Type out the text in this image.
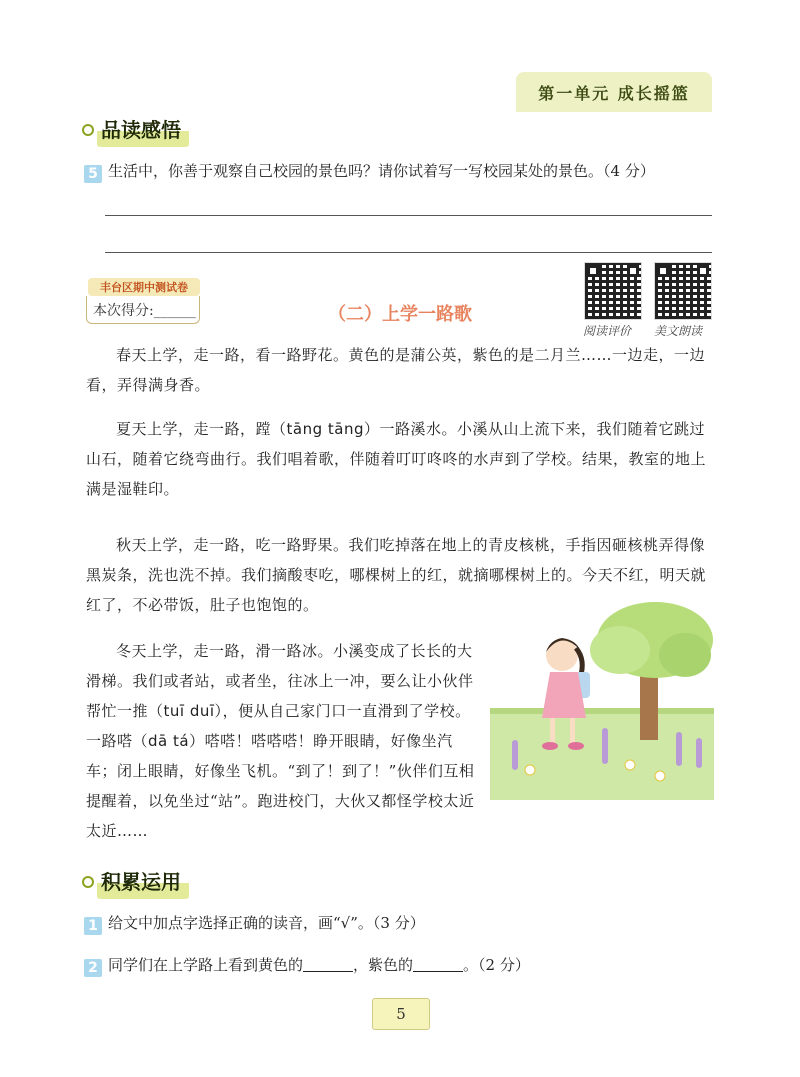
第一单元 成长摇篮
品读感悟
5 生活中，你善于观察自己校园的景色吗？请你试着写一写校园某处的景色。（4 分）
丰台区期中测试卷
本次得分:______	（二）上学一路歌
阅读评价 美文朗读

春天上学，走一路，看一路野花。黄色的是蒲公英，紫色的是二月兰……一边走，一边看，弄得满身香。

夏天上学，走一路，蹚（tāng tāng）一路溪水。小溪从山上流下来，我们随着它跳过山石，随着它绕弯曲行。我们唱着歌，伴随着叮叮咚咚的水声到了学校。结果，教室的地上满是湿鞋印。

秋天上学，走一路，吃一路野果。我们吃掉落在地上的青皮核桃，手指因砸核桃弄得像黑炭条，洗也洗不掉。我们摘酸枣吃，哪棵树上的红，就摘哪棵树上的。今天不红，明天就红了，不必带饭，肚子也饱饱的。

冬天上学，走一路，滑一路冰。小溪变成了长长的大滑梯。我们或者站，或者坐，往冰上一冲，要么让小伙伴帮忙一推（tuī duī），便从自己家门口一直滑到了学校。一路嗒（dā tá）嗒嗒！嗒嗒嗒！睁开眼睛，好像坐汽车；闭上眼睛，好像坐飞机。“到了！到了！”伙伴们互相提醒着，以免坐过“站”。跑进校门，大伙又都怪学校太近太近……

积累运用
1 给文中加点字选择正确的读音，画“√”。（3 分）
2 同学们在上学路上看到黄色的	，紫色的	。（2 分）
5
